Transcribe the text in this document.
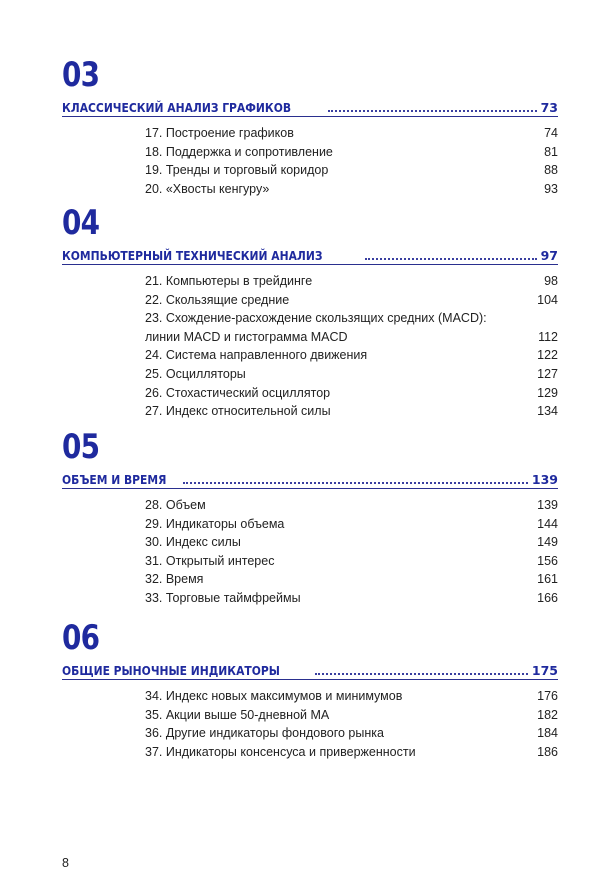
03
КЛАССИЧЕСКИЙ АНАЛИЗ ГРАФИКОВ	73
17. Построение графиков	74
18. Поддержка и сопротивление	81
19. Тренды и торговый коридор	88
20. «Хвосты кенгуру»	93
04
КОМПЬЮТЕРНЫЙ ТЕХНИЧЕСКИЙ АНАЛИЗ	97
21. Компьютеры в трейдинге	98
22. Скользящие средние	104
23. Схождение-расхождение скользящих средних (MACD):
линии MACD и гистограмма MACD	112
24. Система направленного движения	122
25. Осцилляторы	127
26. Стохастический осциллятор	129
27. Индекс относительной силы	134
05
ОБЪЕМ И ВРЕМЯ	139
28. Объем	139
29. Индикаторы объема	144
30. Индекс силы	149
31. Открытый интерес	156
32. Время	161
33. Торговые таймфреймы	166
06
ОБЩИЕ РЫНОЧНЫЕ ИНДИКАТОРЫ	175
34. Индекс новых максимумов и минимумов	176
35. Акции выше 50-дневной MA	182
36. Другие индикаторы фондового рынка	184
37. Индикаторы консенсуса и приверженности	186
8
